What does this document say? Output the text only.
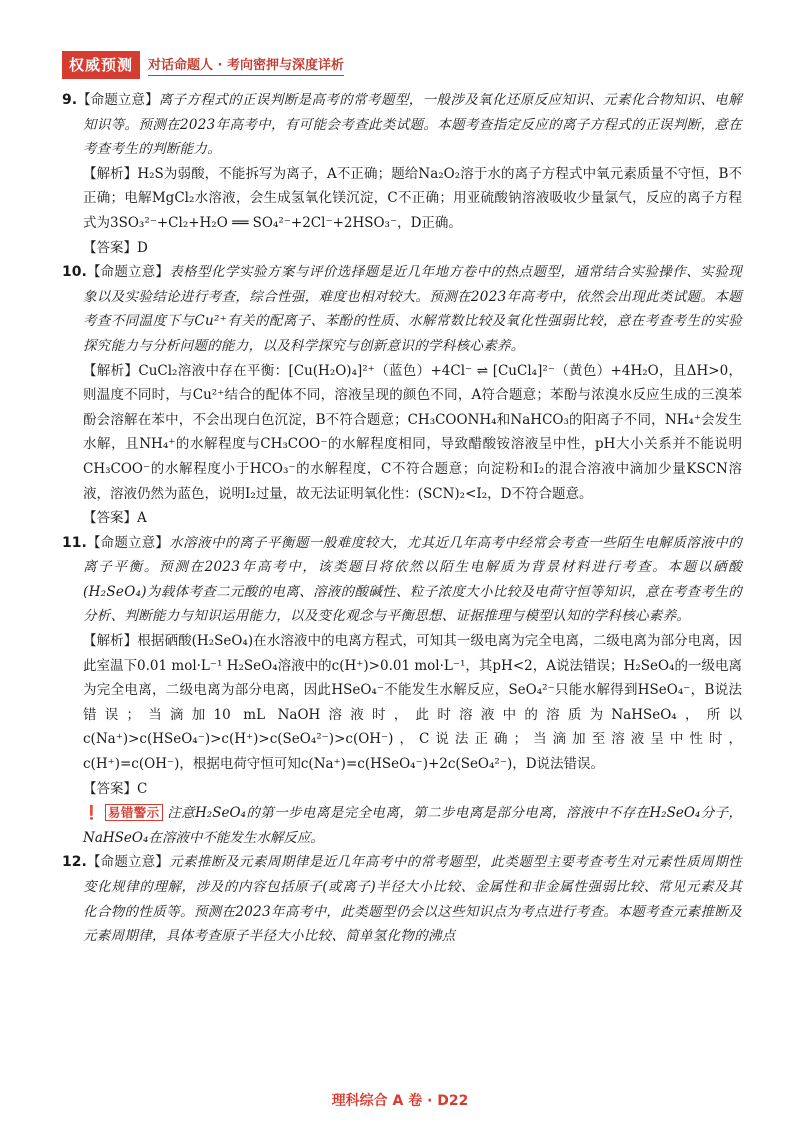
权威预测	对话命题人 · 考向密押与深度详析

9.【命题立意】离子方程式的正误判断是高考的常考题型，一般涉及氧化还原反应知识、元素化合物知识、电解知识等。预测在2023年高考中，有可能会考查此类试题。本题考查指定反应的离子方程式的正误判断，意在考查考生的判断能力。

【解析】H₂S为弱酸，不能拆写为离子，A不正确；题给Na₂O₂溶于水的离子方程式中氧元素质量不守恒，B不正确；电解MgCl₂水溶液，会生成氢氧化镁沉淀，C不正确；用亚硫酸钠溶液吸收少量氯气，反应的离子方程式为3SO₃²⁻+Cl₂+H₂O ══ SO₄²⁻+2Cl⁻+2HSO₃⁻，D正确。

【答案】D

10.【命题立意】表格型化学实验方案与评价选择题是近几年地方卷中的热点题型，通常结合实验操作、实验现象以及实验结论进行考查，综合性强，难度也相对较大。预测在2023年高考中，依然会出现此类试题。本题考查不同温度下与Cu²⁺有关的配离子、苯酚的性质、水解常数比较及氧化性强弱比较，意在考查考生的实验探究能力与分析问题的能力，以及科学探究与创新意识的学科核心素养。

【解析】CuCl₂溶液中存在平衡：[Cu(H₂O)₄]²⁺（蓝色）+4Cl⁻ ⇌ [CuCl₄]²⁻（黄色）+4H₂O，且ΔH>0，则温度不同时，与Cu²⁺结合的配体不同，溶液呈现的颜色不同，A符合题意；苯酚与浓溴水反应生成的三溴苯酚会溶解在苯中，不会出现白色沉淀，B不符合题意；CH₃COONH₄和NaHCO₃的阳离子不同，NH₄⁺会发生水解，且NH₄⁺的水解程度与CH₃COO⁻的水解程度相同，导致醋酸铵溶液呈中性，pH大小关系并不能说明CH₃COO⁻的水解程度小于HCO₃⁻的水解程度，C不符合题意；向淀粉和I₂的混合溶液中滴加少量KSCN溶液，溶液仍然为蓝色，说明I₂过量，故无法证明氧化性：(SCN)₂<I₂，D不符合题意。

【答案】A

11.【命题立意】水溶液中的离子平衡题一般难度较大，尤其近几年高考中经常会考查一些陌生电解质溶液中的离子平衡。预测在2023年高考中，该类题目将依然以陌生电解质为背景材料进行考查。本题以硒酸(H₂SeO₄)为载体考查二元酸的电离、溶液的酸碱性、粒子浓度大小比较及电荷守恒等知识，意在考查考生的分析、判断能力与知识运用能力，以及变化观念与平衡思想、证据推理与模型认知的学科核心素养。

【解析】根据硒酸(H₂SeO₄)在水溶液中的电离方程式，可知其一级电离为完全电离，二级电离为部分电离，因此室温下0.01 mol·L⁻¹ H₂SeO₄溶液中的c(H⁺)>0.01 mol·L⁻¹，其pH<2，A说法错误；H₂SeO₄的一级电离为完全电离，二级电离为部分电离，因此HSeO₄⁻不能发生水解反应，SeO₄²⁻只能水解得到HSeO₄⁻，B说法错误；当滴加10 mL NaOH溶液时，此时溶液中的溶质为NaHSeO₄，所以c(Na⁺)>c(HSeO₄⁻)>c(H⁺)>c(SeO₄²⁻)>c(OH⁻)，C说法正确；当滴加至溶液呈中性时，c(H⁺)=c(OH⁻)，根据电荷守恒可知c(Na⁺)=c(HSeO₄⁻)+2c(SeO₄²⁻)，D说法错误。

【答案】C

❗ 易错警示 注意H₂SeO₄的第一步电离是完全电离，第二步电离是部分电离，溶液中不存在H₂SeO₄分子，NaHSeO₄在溶液中不能发生水解反应。

12.【命题立意】元素推断及元素周期律是近几年高考中的常考题型，此类题型主要考查考生对元素性质周期性变化规律的理解，涉及的内容包括原子(或离子)半径大小比较、金属性和非金属性强弱比较、常见元素及其化合物的性质等。预测在2023年高考中，此类题型仍会以这些知识点为考点进行考查。本题考查元素推断及元素周期律，具体考查原子半径大小比较、简单氢化物的沸点

理科综合 A 卷 · D22
